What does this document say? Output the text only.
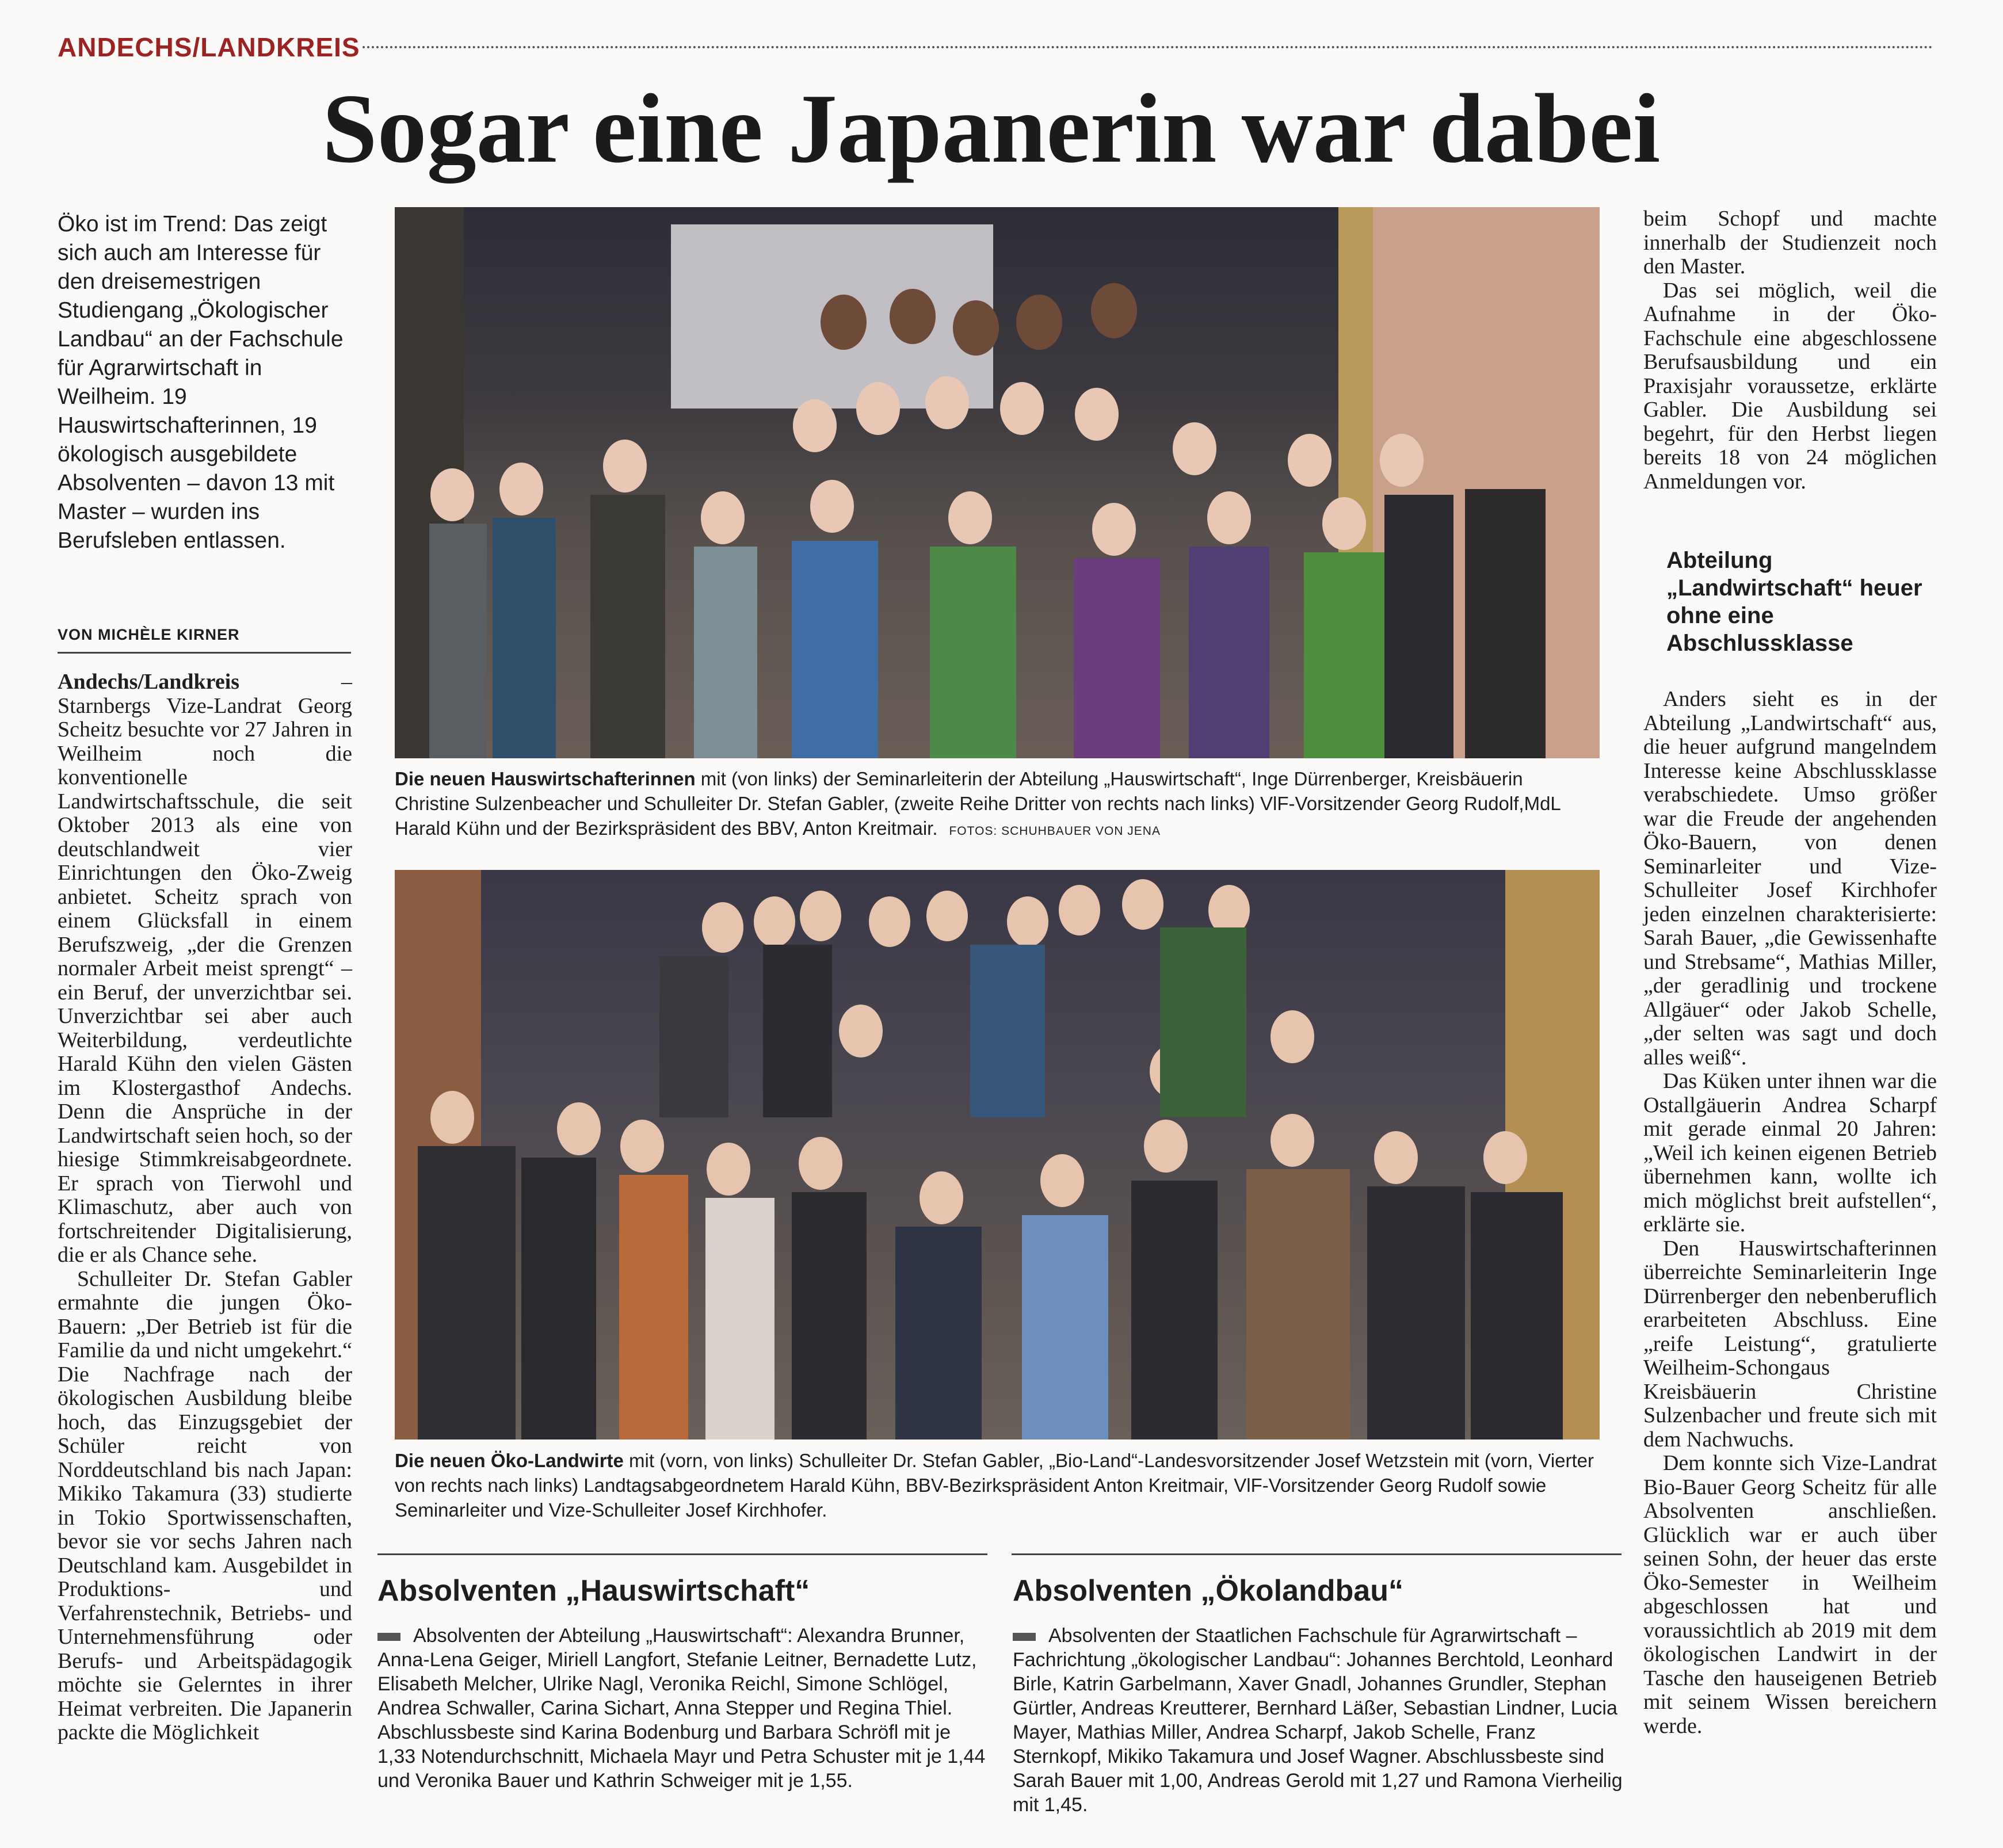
ANDECHS/LANDKREIS
Sogar eine Japanerin war dabei
Öko ist im Trend: Das zeigt sich auch am Interesse für den dreisemestrigen Studiengang „Ökologischer Landbau“ an der Fachschule für Agrarwirtschaft in Weilheim. 19 Hauswirtschafterinnen, 19 ökologisch ausgebildete Absolventen – davon 13 mit Master – wurden ins Berufsleben entlassen.
VON MICHÈLE KIRNER

Andechs/Landkreis – Starnbergs Vize-Landrat Georg Scheitz besuchte vor 27 Jahren in Weilheim noch die konventionelle Landwirtschaftsschule, die seit Oktober 2013 als eine von deutschlandweit vier Einrichtungen den Öko-Zweig anbietet. Scheitz sprach von einem Glücksfall in einem Berufszweig, „der die Grenzen normaler Arbeit meist sprengt“ – ein Beruf, der unverzichtbar sei. Unverzichtbar sei aber auch Weiterbildung, verdeutlichte Harald Kühn den vielen Gästen im Klostergasthof Andechs. Denn die Ansprüche in der Landwirtschaft seien hoch, so der hiesige Stimmkreisabgeordnete. Er sprach von Tierwohl und Klimaschutz, aber auch von fortschreitender Digitalisierung, die er als Chance sehe.

Schulleiter Dr. Stefan Gabler ermahnte die jungen Öko-Bauern: „Der Betrieb ist für die Familie da und nicht umgekehrt.“ Die Nachfrage nach der ökologischen Ausbildung bleibe hoch, das Einzugsgebiet der Schüler reicht von Norddeutschland bis nach Japan: Mikiko Takamura (33) studierte in Tokio Sportwissenschaften, bevor sie vor sechs Jahren nach Deutschland kam. Ausgebildet in Produktions- und Verfahrenstechnik, Betriebs- und Unternehmensführung oder Berufs- und Arbeitspädagogik möchte sie Gelerntes in ihrer Heimat verbreiten. Die Japanerin packte die Möglichkeit

Die neuen Hauswirtschafterinnen mit (von links) der Seminarleiterin der Abteilung „Hauswirtschaft“, Inge Dürrenberger, Kreisbäuerin Christine Sulzenbeacher und Schulleiter Dr. Stefan Gabler, (zweite Reihe Dritter von rechts nach links) VlF-Vorsitzender Georg Rudolf,MdL Harald Kühn und der Bezirkspräsident des BBV, Anton Kreitmair. FOTOS: SCHUHBAUER VON JENA
Die neuen Öko-Landwirte mit (vorn, von links) Schulleiter Dr. Stefan Gabler, „Bio-Land“-Landesvorsitzender Josef Wetzstein mit (vorn, Vierter von rechts nach links) Landtagsabgeordnetem Harald Kühn, BBV-Bezirkspräsident Anton Kreitmair, VlF-Vorsitzender Georg Rudolf sowie Seminarleiter und Vize-Schulleiter Josef Kirchhofer.

beim Schopf und machte innerhalb der Studienzeit noch den Master.

Das sei möglich, weil die Aufnahme in der Öko-Fachschule eine abgeschlossene Berufsausbildung und ein Praxisjahr voraussetze, erklärte Gabler. Die Ausbildung sei begehrt, für den Herbst liegen bereits 18 von 24 möglichen Anmeldungen vor.

Abteilung „Landwirtschaft“ heuer ohne eine Abschlussklasse

Anders sieht es in der Abteilung „Landwirtschaft“ aus, die heuer aufgrund mangelndem Interesse keine Abschlussklasse verabschiedete. Umso größer war die Freude der angehenden Öko-Bauern, von denen Seminarleiter und Vize-Schulleiter Josef Kirchhofer jeden einzelnen charakterisierte: Sarah Bauer, „die Gewissenhafte und Strebsame“, Mathias Miller, „der geradlinig und trockene Allgäuer“ oder Jakob Schelle, „der selten was sagt und doch alles weiß“.

Das Küken unter ihnen war die Ostallgäuerin Andrea Scharpf mit gerade einmal 20 Jahren: „Weil ich keinen eigenen Betrieb übernehmen kann, wollte ich mich möglichst breit aufstellen“, erklärte sie.

Den Hauswirtschafterinnen überreichte Seminarleiterin Inge Dürrenberger den nebenberuflich erarbeiteten Abschluss. Eine „reife Leistung“, gratulierte Weilheim-Schongaus Kreisbäuerin Christine Sulzenbacher und freute sich mit dem Nachwuchs.

Dem konnte sich Vize-Landrat Bio-Bauer Georg Scheitz für alle Absolventen anschließen. Glücklich war er auch über seinen Sohn, der heuer das erste Öko-Semester in Weilheim abgeschlossen hat und voraussichtlich ab 2019 mit dem ökologischen Landwirt in der Tasche den hauseigenen Betrieb mit seinem Wissen bereichern werde.

Absolventen „Hauswirtschaft“
Absolventen der Abteilung „Hauswirtschaft“: Alexandra Brunner, Anna-Lena Geiger, Miriell Langfort, Stefanie Leitner, Bernadette Lutz, Elisabeth Melcher, Ulrike Nagl, Veronika Reichl, Simone Schlögel, Andrea Schwaller, Carina Sichart, Anna Stepper und Regina Thiel. Abschlussbeste sind Karina Bodenburg und Barbara Schröfl mit je 1,33 Notendurchschnitt, Michaela Mayr und Petra Schuster mit je 1,44 und Veronika Bauer und Kathrin Schweiger mit je 1,55.
Absolventen „Ökolandbau“
Absolventen der Staatlichen Fachschule für Agrarwirtschaft – Fachrichtung „ökologischer Landbau“: Johannes Berchtold, Leonhard Birle, Katrin Garbelmann, Xaver Gnadl, Johannes Grundler, Stephan Gürtler, Andreas Kreutterer, Bernhard Läßer, Sebastian Lindner, Lucia Mayer, Mathias Miller, Andrea Scharpf, Jakob Schelle, Franz Sternkopf, Mikiko Takamura und Josef Wagner. Abschlussbeste sind Sarah Bauer mit 1,00, Andreas Gerold mit 1,27 und Ramona Vierheilig mit 1,45.
